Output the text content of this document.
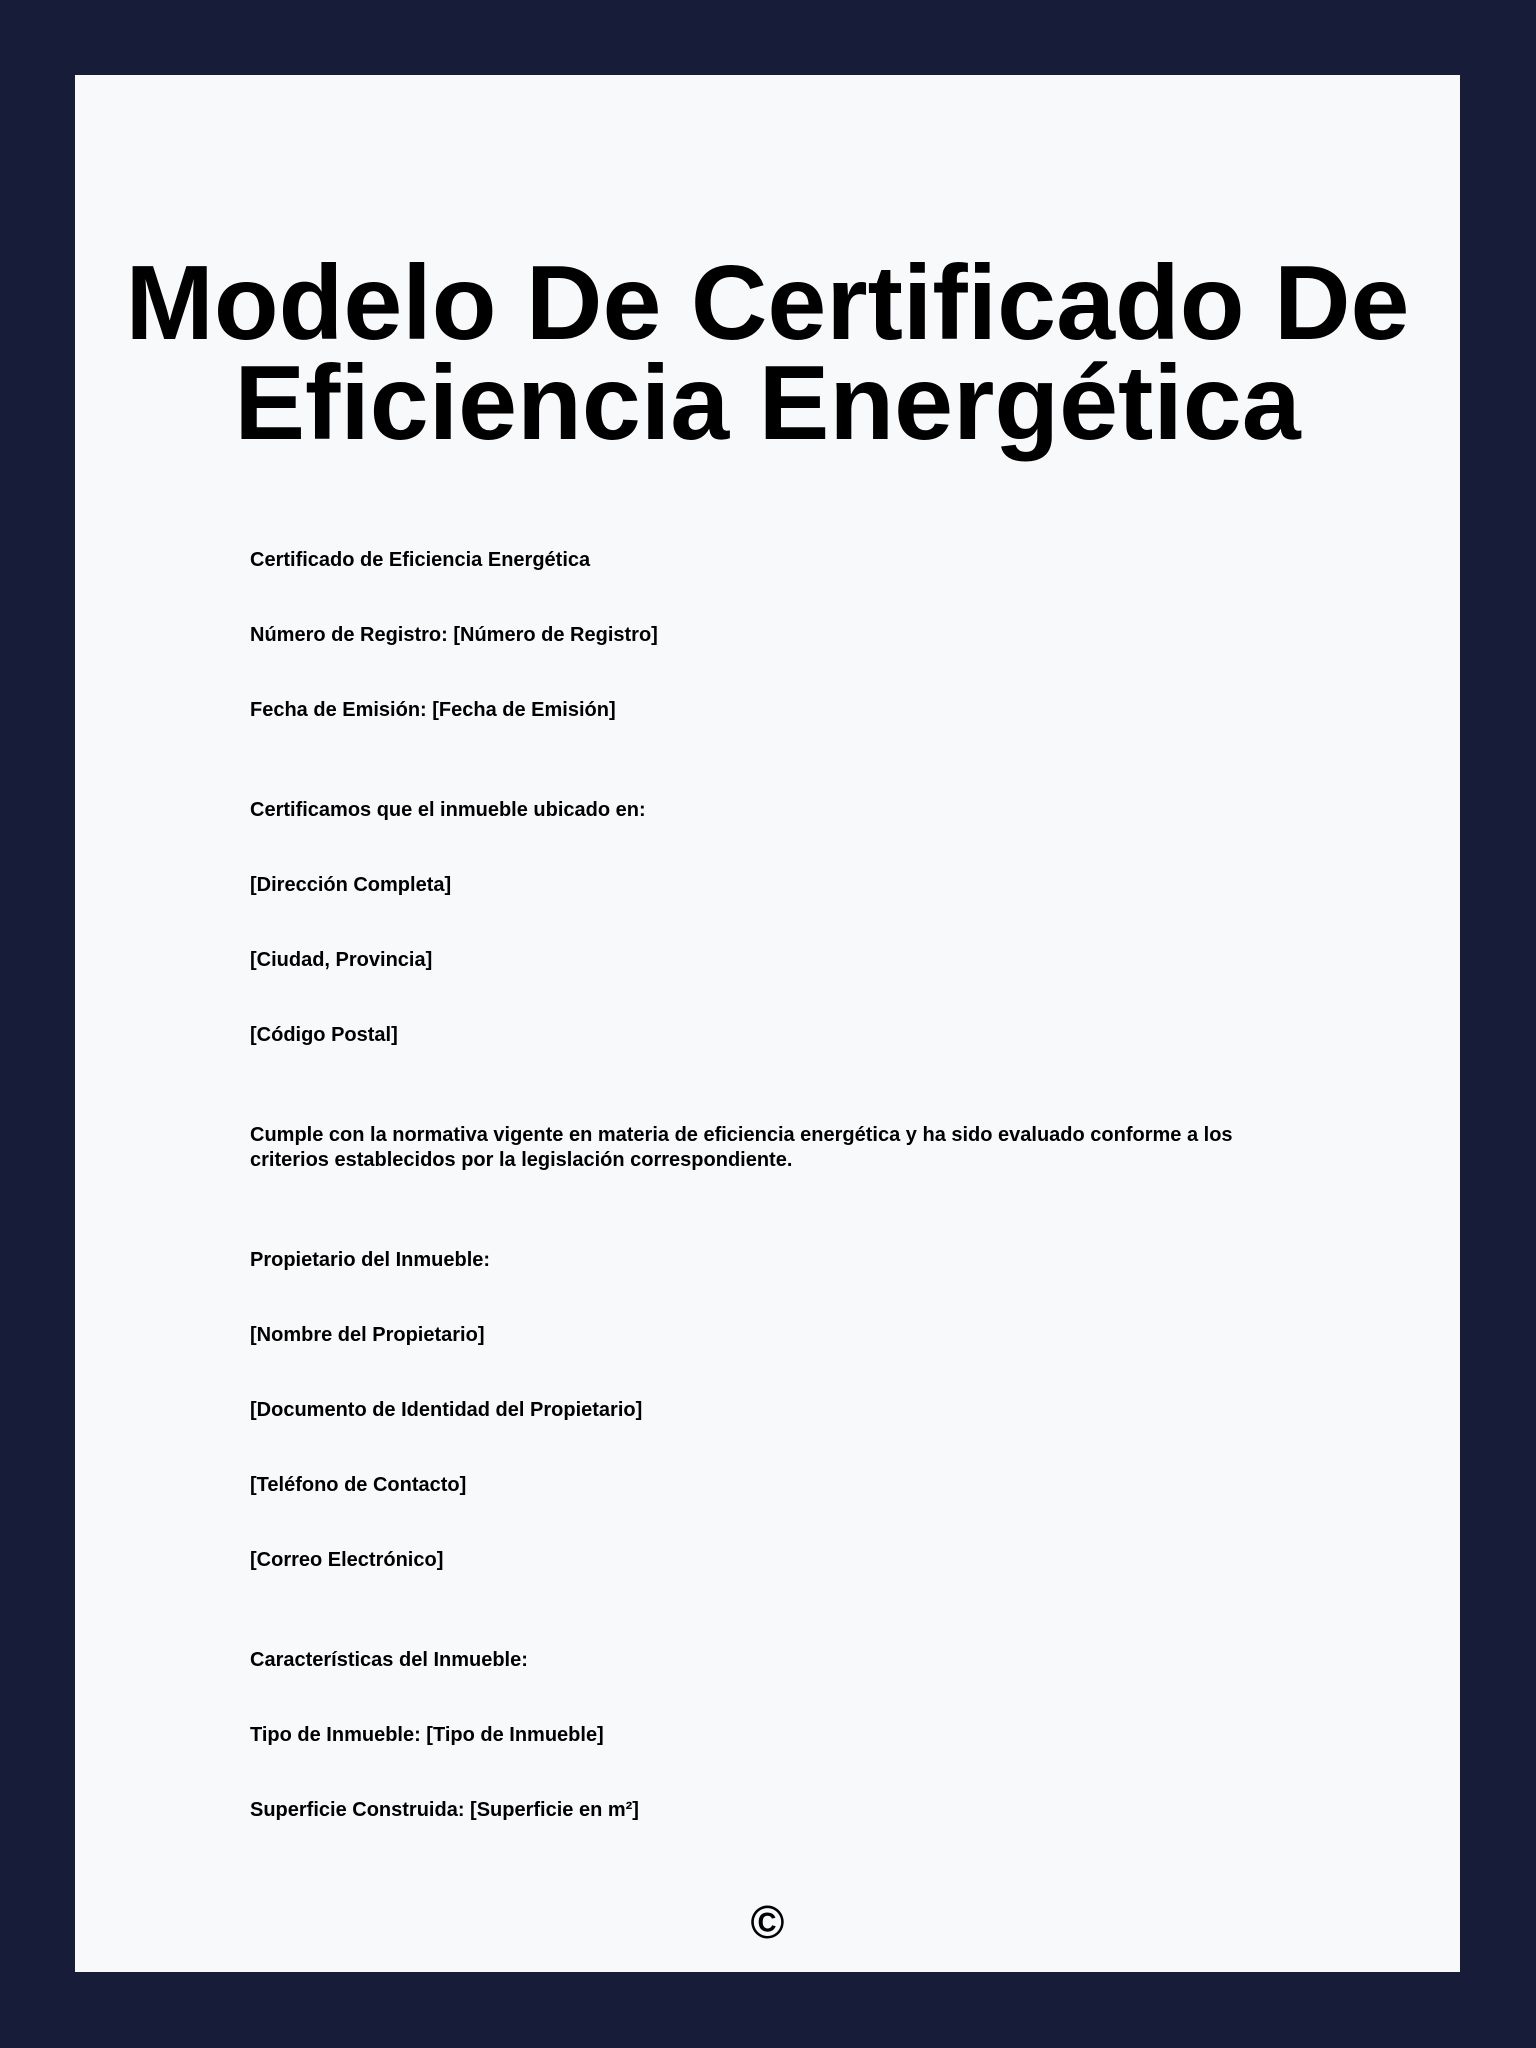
Modelo De Certificado De
Eficiencia Energética

Certificado de Eficiencia Energética

Número de Registro: [Número de Registro]

Fecha de Emisión: [Fecha de Emisión]

Certificamos que el inmueble ubicado en:

[Dirección Completa]

[Ciudad, Provincia]

[Código Postal]

Cumple con la normativa vigente en materia de eficiencia energética y ha sido evaluado conforme a los criterios establecidos por la legislación correspondiente.

Propietario del Inmueble:

[Nombre del Propietario]

[Documento de Identidad del Propietario]

[Teléfono de Contacto]

[Correo Electrónico]

Características del Inmueble:

Tipo de Inmueble: [Tipo de Inmueble]

Superficie Construida: [Superficie en m²]

©
